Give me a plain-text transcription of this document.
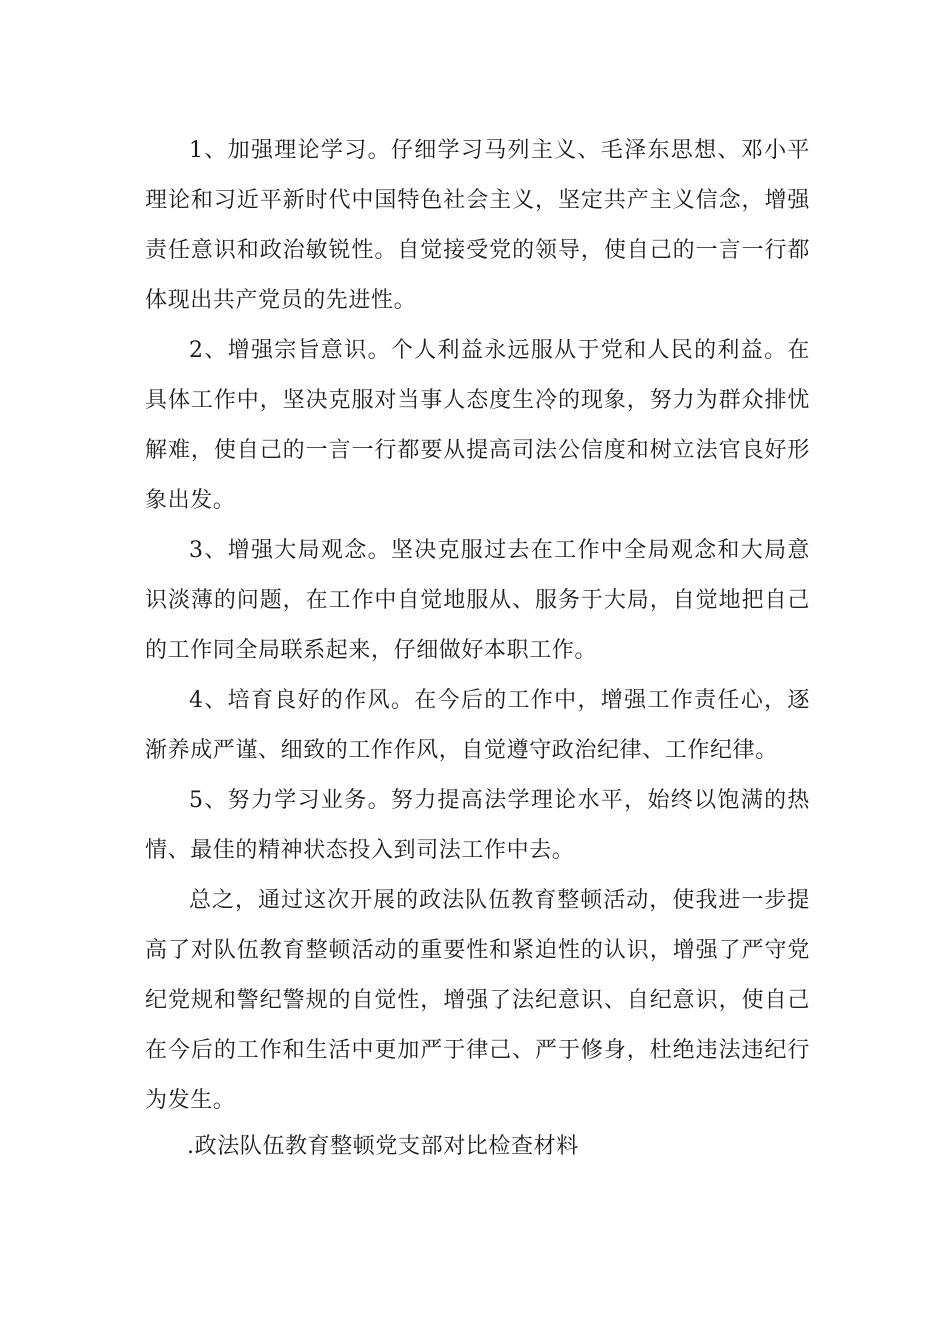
1、加强理论学习。仔细学习马列主义、毛泽东思想、邓小平理论和习近平新时代中国特色社会主义，坚定共产主义信念，增强责任意识和政治敏锐性。自觉接受党的领导，使自己的一言一行都体现出共产党员的先进性。

2、增强宗旨意识。个人利益永远服从于党和人民的利益。在具体工作中，坚决克服对当事人态度生冷的现象，努力为群众排忧解难，使自己的一言一行都要从提高司法公信度和树立法官良好形象出发。

3、增强大局观念。坚决克服过去在工作中全局观念和大局意识淡薄的问题，在工作中自觉地服从、服务于大局，自觉地把自己的工作同全局联系起来，仔细做好本职工作。

4、培育良好的作风。在今后的工作中，增强工作责任心，逐渐养成严谨、细致的工作作风，自觉遵守政治纪律、工作纪律。

5、努力学习业务。努力提高法学理论水平，始终以饱满的热情、最佳的精神状态投入到司法工作中去。

总之，通过这次开展的政法队伍教育整顿活动，使我进一步提高了对队伍教育整顿活动的重要性和紧迫性的认识，增强了严守党纪党规和警纪警规的自觉性，增强了法纪意识、自纪意识，使自己在今后的工作和生活中更加严于律己、严于修身，杜绝违法违纪行为发生。

.政法队伍教育整顿党支部对比检查材料
